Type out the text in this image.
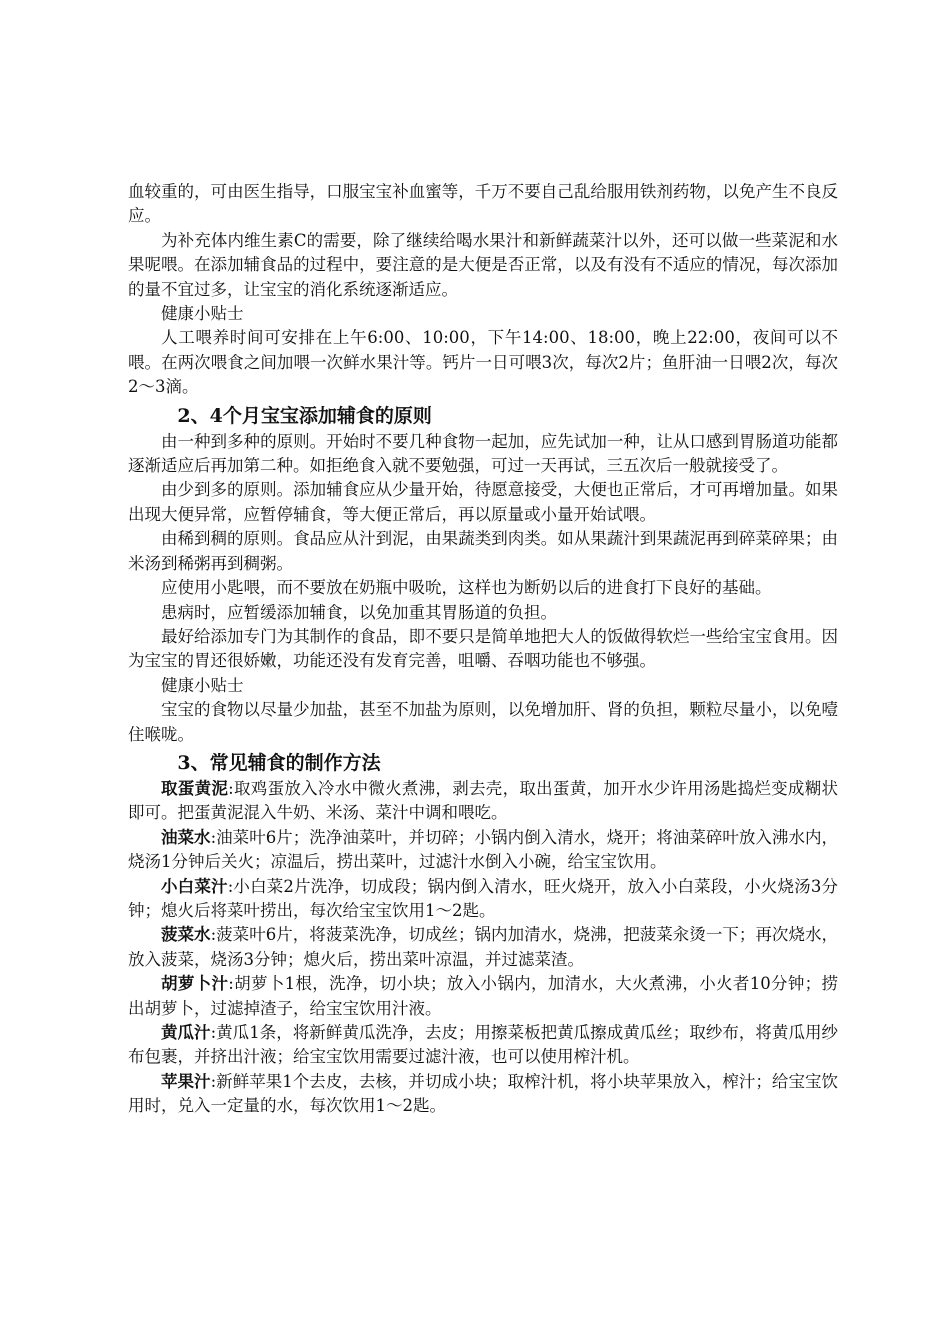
血较重的，可由医生指导，口服宝宝补血蜜等，千万不要自己乱给服用铁剂药物，以免产生不良反应。

为补充体内维生素C的需要，除了继续给喝水果汁和新鲜蔬菜汁以外，还可以做一些菜泥和水果呢喂。在添加辅食品的过程中，要注意的是大便是否正常，以及有没有不适应的情况，每次添加的量不宜过多，让宝宝的消化系统逐渐适应。

健康小贴士

人工喂养时间可安排在上午6:00、10:00，下午14:00、18:00，晚上22:00，夜间可以不喂。在两次喂食之间加喂一次鲜水果汁等。钙片一日可喂3次，每次2片；鱼肝油一日喂2次，每次2～3滴。

2、4个月宝宝添加辅食的原则

由一种到多种的原则。开始时不要几种食物一起加，应先试加一种，让从口感到胃肠道功能都逐渐适应后再加第二种。如拒绝食入就不要勉强，可过一天再试，三五次后一般就接受了。

由少到多的原则。添加辅食应从少量开始，待愿意接受，大便也正常后，才可再增加量。如果出现大便异常，应暂停辅食，等大便正常后，再以原量或小量开始试喂。

由稀到稠的原则。食品应从汁到泥，由果蔬类到肉类。如从果蔬汁到果蔬泥再到碎菜碎果；由米汤到稀粥再到稠粥。

应使用小匙喂，而不要放在奶瓶中吸吮，这样也为断奶以后的进食打下良好的基础。

患病时，应暂缓添加辅食，以免加重其胃肠道的负担。

最好给添加专门为其制作的食品，即不要只是简单地把大人的饭做得软烂一些给宝宝食用。因为宝宝的胃还很娇嫩，功能还没有发育完善，咀嚼、吞咽功能也不够强。

健康小贴士

宝宝的食物以尽量少加盐，甚至不加盐为原则，以免增加肝、肾的负担，颗粒尽量小，以免噎住喉咙。

3、常见辅食的制作方法

取蛋黄泥:取鸡蛋放入冷水中微火煮沸，剥去壳，取出蛋黄，加开水少许用汤匙捣烂变成糊状即可。把蛋黄泥混入牛奶、米汤、菜汁中调和喂吃。

油菜水:油菜叶6片；洗净油菜叶，并切碎；小锅内倒入清水，烧开；将油菜碎叶放入沸水内，烧汤1分钟后关火；凉温后，捞出菜叶，过滤汁水倒入小碗，给宝宝饮用。

小白菜汁:小白菜2片洗净，切成段；锅内倒入清水，旺火烧开，放入小白菜段，小火烧汤3分钟；熄火后将菜叶捞出，每次给宝宝饮用1～2匙。

菠菜水:菠菜叶6片，将菠菜洗净，切成丝；锅内加清水，烧沸，把菠菜汆烫一下；再次烧水，放入菠菜，烧汤3分钟；熄火后，捞出菜叶凉温，并过滤菜渣。

胡萝卜汁:胡萝卜1根，洗净，切小块；放入小锅内，加清水，大火煮沸，小火者10分钟；捞出胡萝卜，过滤掉渣子，给宝宝饮用汁液。

黄瓜汁:黄瓜1条，将新鲜黄瓜洗净，去皮；用擦菜板把黄瓜擦成黄瓜丝；取纱布，将黄瓜用纱布包裹，并挤出汁液；给宝宝饮用需要过滤汁液，也可以使用榨汁机。

苹果汁:新鲜苹果1个去皮，去核，并切成小块；取榨汁机，将小块苹果放入，榨汁；给宝宝饮用时，兑入一定量的水，每次饮用1～2匙。
